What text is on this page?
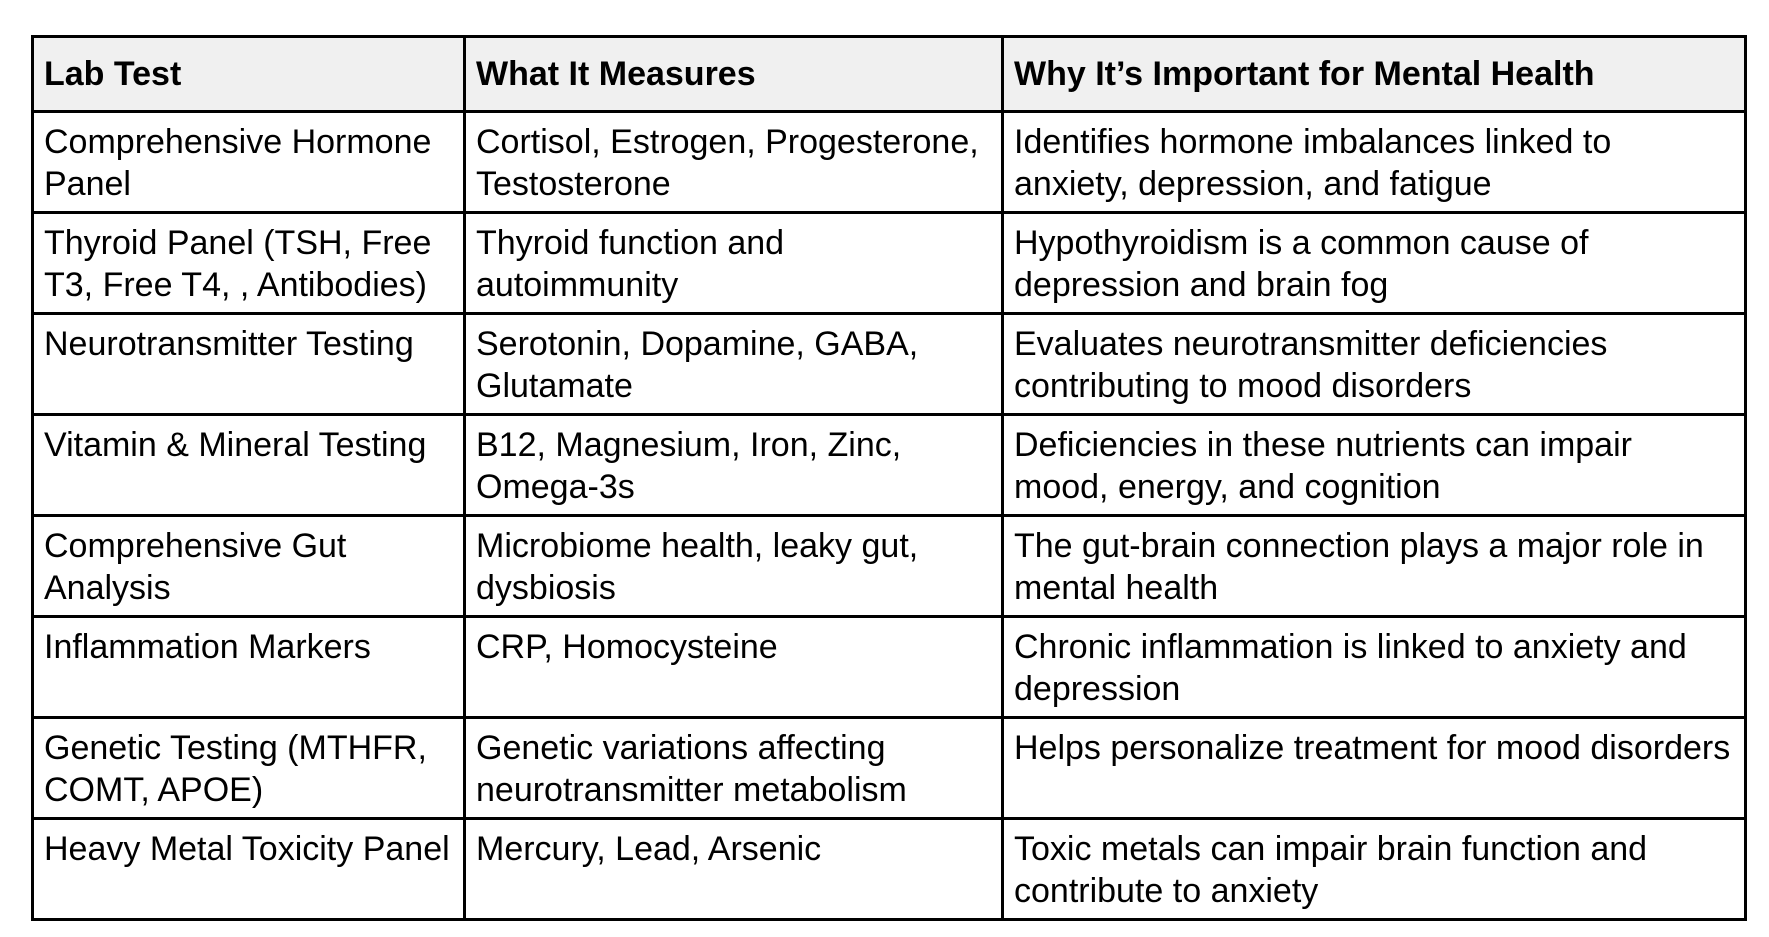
Lab Test	What It Measures	Why It’s Important for Mental Health
Comprehensive Hormone Panel	Cortisol, Estrogen, Progesterone, Testosterone	Identifies hormone imbalances linked to anxiety, depression, and fatigue
Thyroid Panel (TSH, Free T3, Free T4, , Antibodies)	Thyroid function and autoimmunity	Hypothyroidism is a common cause of depression and brain fog
Neurotransmitter Testing	Serotonin, Dopamine, GABA, Glutamate	Evaluates neurotransmitter deficiencies contributing to mood disorders
Vitamin & Mineral Testing	B12, Magnesium, Iron, Zinc, Omega-3s	Deficiencies in these nutrients can impair mood, energy, and cognition
Comprehensive Gut Analysis	Microbiome health, leaky gut, dysbiosis	The gut-brain connection plays a major role in mental health
Inflammation Markers	CRP, Homocysteine	Chronic inflammation is linked to anxiety and depression
Genetic Testing (MTHFR, COMT, APOE)	Genetic variations affecting neurotransmitter metabolism	Helps personalize treatment for mood disorders
Heavy Metal Toxicity Panel	Mercury, Lead, Arsenic	Toxic metals can impair brain function and contribute to anxiety
